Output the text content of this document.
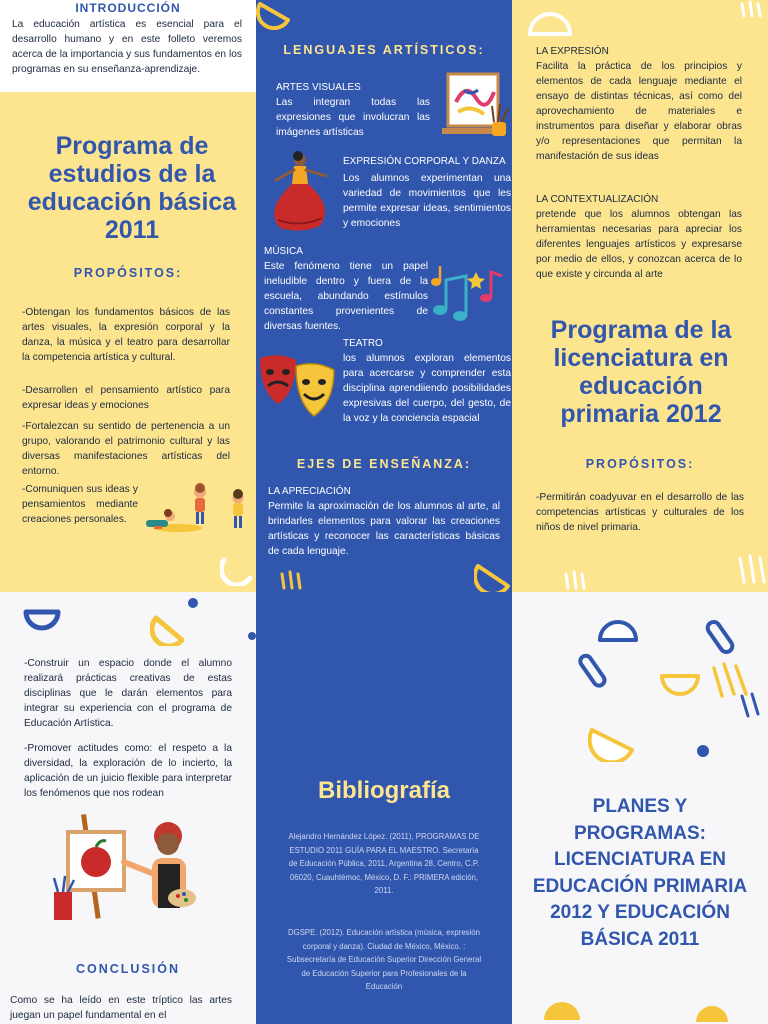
INTRODUCCIÓN
La educación artística es esencial para el desarrollo humano y en este folleto veremos acerca de la importancia y sus fundamentos en los programas en su enseñanza-aprendizaje.
Programa de estudios de la educación básica 2011
PROPÓSITOS:
-Obtengan los fundamentos básicos de las artes visuales, la expresión corporal y la danza, la música y el teatro para desarrollar la competencia artística y cultural.
-Desarrollen el pensamiento artístico para expresar ideas y emociones
-Fortalezcan su sentido de pertenencia a un grupo, valorando el patrimonio cultural y las diversas manifestaciones artísticas del entorno.
-Comuniquen sus ideas y pensamientos mediante creaciones personales.
-Construir un espacio donde el alumno realizará prácticas creativas de estas disciplinas que le darán elementos para integrar su experiencia con el programa de Educación Artística.
-Promover actitudes como: el respeto a la diversidad, la exploración de lo incierto, la aplicación de un juicio flexible para interpretar los fenómenos que nos rodean
CONCLUSIÓN
Como se ha leído en este tríptico las artes juegan un papel fundamental en el
LENGUAJES ARTÍSTICOS:
ARTES VISUALES
Las integran todas las expresiones que involucran las imágenes artísticas
EXPRESIÓN CORPORAL Y DANZA
Los alumnos experimentan una variedad de movimientos que les permite expresar ideas, sentimientos y emociones
MÚSICA
Este fenómeno tiene un papel ineludible dentro y fuera de la escuela, abundando estímulos constantes provenientes de diversas fuentes.
TEATRO
los alumnos exploran elementos para acercarse y comprender esta disciplina aprendiiendo posibilidades expresivas del cuerpo, del gesto, de la voz y la conciencia espacial
EJES DE ENSEÑANZA:
LA APRECIACIÓN
Permite la aproximación de los alumnos al arte, al brindarles elementos para valorar las creaciones artísticas y reconocer las características básicas de cada lenguaje.
Bibliografía
Alejandro Hernández López. (2011). PROGRAMAS DE ESTUDIO 2011 GUÍA PARA EL MAESTRO. Secretaría de Educación Pública, 2011, Argentina 28, Centro, C.P. 06020, Cuauhtémoc, México, D. F.: PRIMERA edición, 2011.
DGSPE. (2012). Educación artística (música, expresión corporal y danza). Ciudad de México, México. : Subsecretaría de Educación Superior Dirección General de Educación Superior para Profesionales de la Educación
LA EXPRESIÓN
Facilita la práctica de los principios y elementos de cada lenguaje mediante el ensayo de distintas técnicas, así como del aprovechamiento de materiales e instrumentos para diseñar y elaborar obras y/o representaciones que permitan la manifestación de sus ideas
LA CONTEXTUALIZACIÓN
pretende que los alumnos obtengan las herramientas necesarias para apreciar los diferentes lenguajes artísticos y expresarse por medio de ellos, y conozcan acerca de lo que existe y circunda al arte
Programa de la licenciatura en educación primaria 2012
PROPÓSITOS:
-Permitirán coadyuvar en el desarrollo de las competencias artísticas y culturales de los niños de nivel primaria.
PLANES Y PROGRAMAS: LICENCIATURA EN EDUCACIÓN PRIMARIA 2012 Y EDUCACIÓN BÁSICA 2011
